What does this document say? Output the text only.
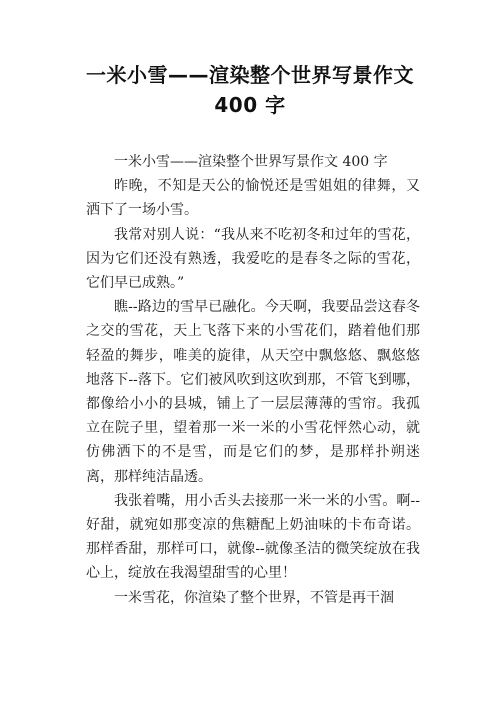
一米小雪——渲染整个世界写景作文
400 字

一米小雪——渲染整个世界写景作文 400 字

昨晚，不知是天公的愉悦还是雪姐姐的律舞，又洒下了一场小雪。

我常对别人说：“我从来不吃初冬和过年的雪花，因为它们还没有熟透，我爱吃的是春冬之际的雪花，它们早已成熟。”

瞧--路边的雪早已融化。今天啊，我要品尝这春冬之交的雪花，天上飞落下来的小雪花们，踏着他们那轻盈的舞步，唯美的旋律，从天空中飘悠悠、飘悠悠地落下--落下。它们被风吹到这吹到那，不管飞到哪，都像给小小的县城，铺上了一层层薄薄的雪帘。我孤立在院子里，望着那一米一米的小雪花怦然心动，就仿佛洒下的不是雪，而是它们的梦，是那样扑朔迷离，那样纯洁晶透。

我张着嘴，用小舌头去接那一米一米的小雪。啊--好甜，就宛如那变凉的焦糖配上奶油味的卡布奇诺。那样香甜，那样可口，就像--就像圣洁的微笑绽放在我心上，绽放在我渴望甜雪的心里！

一米雪花，你渲染了整个世界，不管是再干涸
